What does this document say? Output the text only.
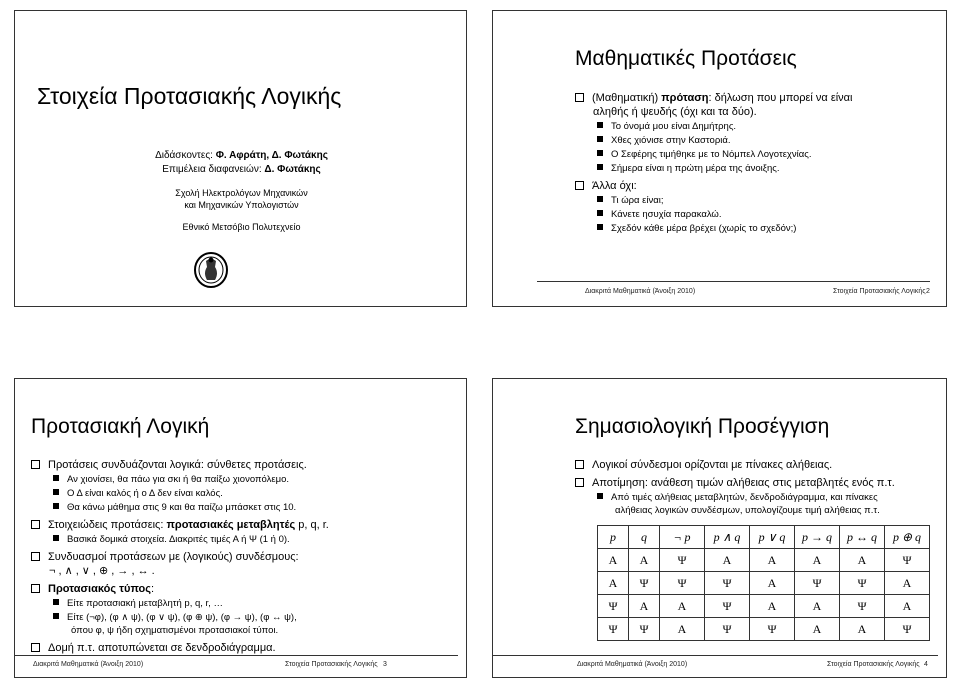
Στοιχεία Προτασιακής Λογικής
Διδάσκοντες: Φ. Αφράτη, Δ. Φωτάκης
Επιμέλεια διαφανειών: Δ. Φωτάκης
Σχολή Ηλεκτρολόγων Μηχανικών
και Μηχανικών Υπολογιστών
Εθνικό Μετσόβιο Πολυτεχνείο
Μαθηματικές Προτάσεις
(Μαθηματική) πρόταση: δήλωση που μπορεί να είναι
αληθής ή ψευδής (όχι και τα δύο).
Το όνομά μου είναι Δημήτρης.
Χθες χιόνισε στην Καστοριά.
Ο Σεφέρης τιμήθηκε με το Νόμπελ Λογοτεχνίας.
Σήμερα είναι η πρώτη μέρα της άνοιξης.
Άλλα όχι:
Τι ώρα είναι;
Κάνετε ησυχία παρακαλώ.
Σχεδόν κάθε μέρα βρέχει (χωρίς το σχεδόν;)
Διακριτά Μαθηματικά (Άνοιξη 2010)	Στοιχεία Προτασιακής Λογικής 2
Προτασιακή Λογική
Προτάσεις συνδυάζονται λογικά: σύνθετες προτάσεις.
Αν χιονίσει, θα πάω για σκι ή θα παίξω χιονοπόλεμο.
Ο Δ είναι καλός ή ο Δ δεν είναι καλός.
Θα κάνω μάθημα στις 9 και θα παίζω μπάσκετ στις 10.
Στοιχειώδεις προτάσεις: προτασιακές μεταβλητές p, q, r.
Βασικά δομικά στοιχεία. Διακριτές τιμές Α ή Ψ (1 ή 0).
Συνδυασμοί προτάσεων με (λογικούς) συνδέσμους:
¬ , ∧ , ∨ , ⊕ , → , ↔ .
Προτασιακός τύπος:
Είτε προτασιακή μεταβλητή p, q, r, …
Είτε (¬φ), (φ ∧ ψ), (φ ∨ ψ), (φ ⊕ ψ), (φ → ψ), (φ ↔ ψ),
όπου φ, ψ ήδη σχηματισμένοι προτασιακοί τύποι.
Δομή π.τ. αποτυπώνεται σε δενδροδιάγραμμα.
Διακριτά Μαθηματικά (Άνοιξη 2010)	Στοιχεία Προτασιακής Λογικής 3
Σημασιολογική Προσέγγιση
Λογικοί σύνδεσμοι ορίζονται με πίνακες αλήθειας.
Αποτίμηση: ανάθεση τιμών αλήθειας στις μεταβλητές ενός π.τ.
Από τιμές αλήθειας μεταβλητών, δενδροδιάγραμμα, και πίνακες
αλήθειας λογικών συνδέσμων, υπολογίζουμε τιμή αλήθειας π.τ.
p	q	¬ p	p ∧ q	p ∨ q	p → q	p ↔ q	p ⊕ q
Α	Α	Ψ	Α	Α	Α	Α	Ψ
Α	Ψ	Ψ	Ψ	Α	Ψ	Ψ	Α
Ψ	Α	Α	Ψ	Α	Α	Ψ	Α
Ψ	Ψ	Α	Ψ	Ψ	Α	Α	Ψ
Διακριτά Μαθηματικά (Άνοιξη 2010)	Στοιχεία Προτασιακής Λογικής 4
